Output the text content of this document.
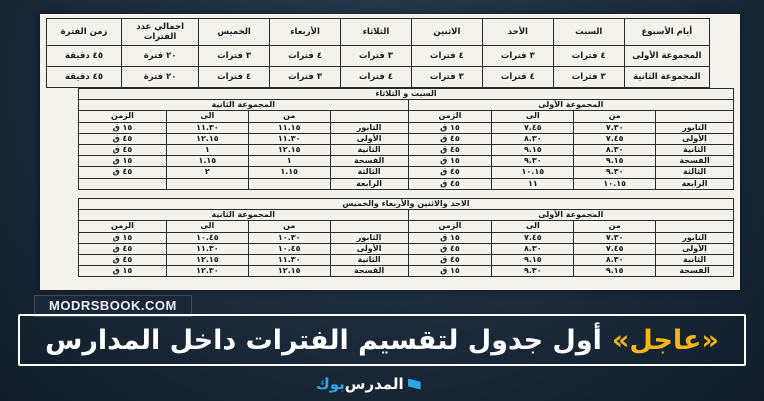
أيام الأسبوع	السبت	الأحد	الاثنين	الثلاثاء	الأربعاء	الخميس	اجمالي عدد الفترات	زمن الفترة
المجموعة الأولى	٤ فترات	٣ فترات	٤ فترات	٣ فترات	٤ فترات	٣ فترات	٢٠ فترة	٤٥ دقيقة
المجموعة الثانية	٣ فترات	٤ فترات	٣ فترات	٤ فترات	٣ فترات	٤ فترات	٢٠ فترة	٤٥ دقيقة
السبت و الثلاثاء							
المجموعة الأولى				المجموعة الثانية			
	من	الى	الزمن		من	الى	الزمن
التابور	٧.٣٠	٧.٤٥	١٥ ق	التابور	١١.١٥	١١.٣٠	١٥ ق
الأولى	٧.٤٥	٨.٣٠	٤٥ ق	الأولى	١١.٣٠	١٢.١٥	٤٥ ق
الثانية	٨.٣٠	٩.١٥	٤٥ ق	الثانية	١٢.١٥	١	٤٥ ق
الفسحة	٩.١٥	٩.٣٠	١٥ ق	الفسحة	١	١.١٥	١٥ ق
الثالثة	٩.٣٠	١٠.١٥	٤٥ ق	الثالثة	١.١٥	٢	٤٥ ق
الرابعة	١٠.١٥	١١	٤٥ ق	الرابعة			
الاحد والاثنين والأربعاء والخميس							
المجموعة الأولى				المجموعة الثانية			
	من	الى	الزمن		من	الى	الزمن
التابور	٧.٣٠	٧.٤٥	١٥ ق	التابور	١٠.٣٠	١٠.٤٥	١٥ ق
الأولى	٧.٤٥	٨.٣٠	٤٥ ق	الأولى	١٠.٤٥	١١.٣٠	٤٥ ق
الثانية	٨.٣٠	٩.١٥	٤٥ ق	الثانية	١١.٣٠	١٢.١٥	٤٥ ق
الفسحة	٩.١٥	٩.٣٠	١٥ ق	الفسحة	١٢.١٥	١٢.٣٠	١٥ ق
MODRSBOOK.COM
«عاجل»
أول جدول لتقسيم الفترات داخل المدارس
المدرس
بوك
